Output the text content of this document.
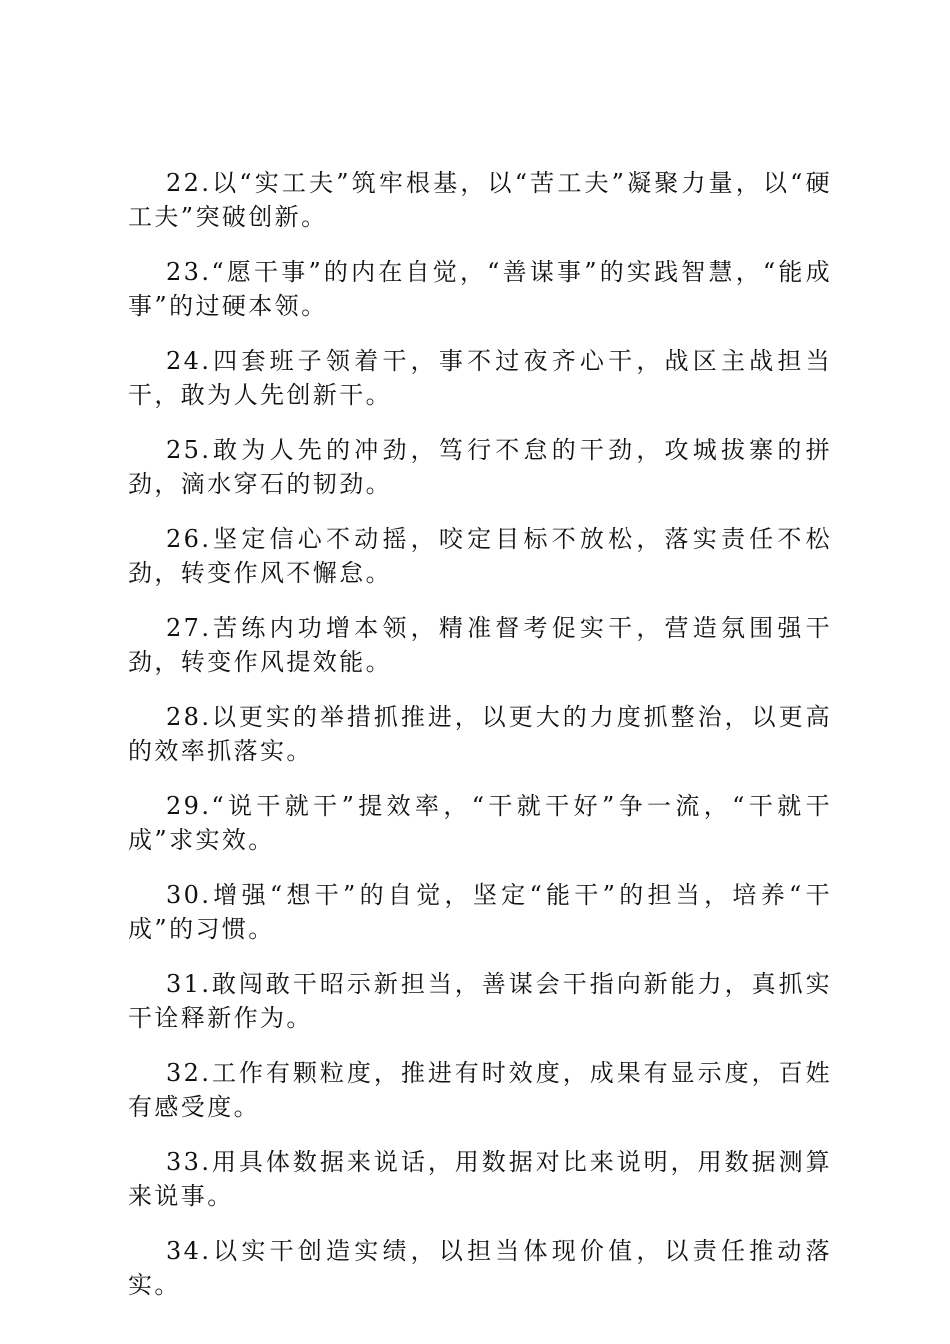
22.以“实工夫”筑牢根基，以“苦工夫”凝聚力量，以“硬工夫”突破创新。

23.“愿干事”的内在自觉，“善谋事”的实践智慧，“能成事”的过硬本领。

24.四套班子领着干，事不过夜齐心干，战区主战担当干，敢为人先创新干。

25.敢为人先的冲劲，笃行不怠的干劲，攻城拔寨的拼劲，滴水穿石的韧劲。

26.坚定信心不动摇，咬定目标不放松，落实责任不松劲，转变作风不懈怠。

27.苦练内功增本领，精准督考促实干，营造氛围强干劲，转变作风提效能。

28.以更实的举措抓推进，以更大的力度抓整治，以更高的效率抓落实。

29.“说干就干”提效率，“干就干好”争一流，“干就干成”求实效。

30.增强“想干”的自觉，坚定“能干”的担当，培养“干成”的习惯。

31.敢闯敢干昭示新担当，善谋会干指向新能力，真抓实干诠释新作为。

32.工作有颗粒度，推进有时效度，成果有显示度，百姓有感受度。

33.用具体数据来说话，用数据对比来说明，用数据测算来说事。

34.以实干创造实绩，以担当体现价值，以责任推动落实。
